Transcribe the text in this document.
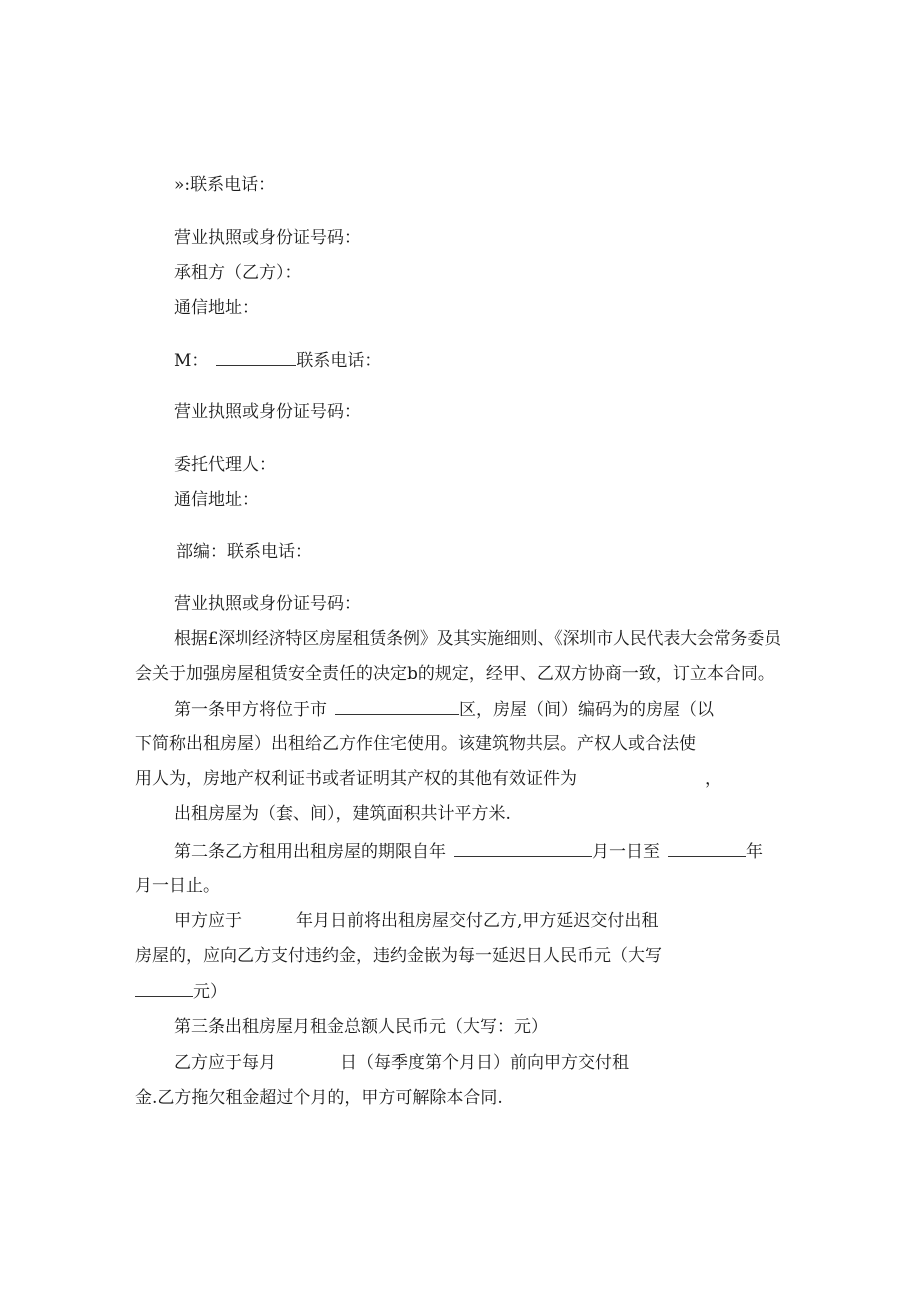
»:联系电话：
营业执照或身份证号码：
承租方（乙方）：
通信地址：
M：	联系电话：
营业执照或身份证号码：
委托代理人：
通信地址：
部编：联系电话：
营业执照或身份证号码：
根据£深圳经济特区房屋租赁条例》及其实施细则、《深圳市人民代表大会常务委员
会关于加强房屋租赁安全责任的决定b的规定，经甲、乙双方协商一致，订立本合同。
第一条甲方将位于市	区，房屋（间）编码为的房屋（以
下简称出租房屋）出租给乙方作住宅使用。该建筑物共层。产权人或合法使
用人为，房地产权利证书或者证明其产权的其他有效证件为	，
出租房屋为（套、间），建筑面积共计平方米.
第二条乙方租用出租房屋的期限自年	月一日至	年
月一日止。
甲方应于	年月日前将出租房屋交付乙方,甲方延迟交付出租
房屋的，应向乙方支付违约金，违约金嵌为每一延迟日人民币元（大写
元）
第三条出租房屋月租金总额人民币元（大写：元）
乙方应于每月	日（每季度第个月日）前向甲方交付租
金.乙方拖欠租金超过个月的，甲方可解除本合同.
